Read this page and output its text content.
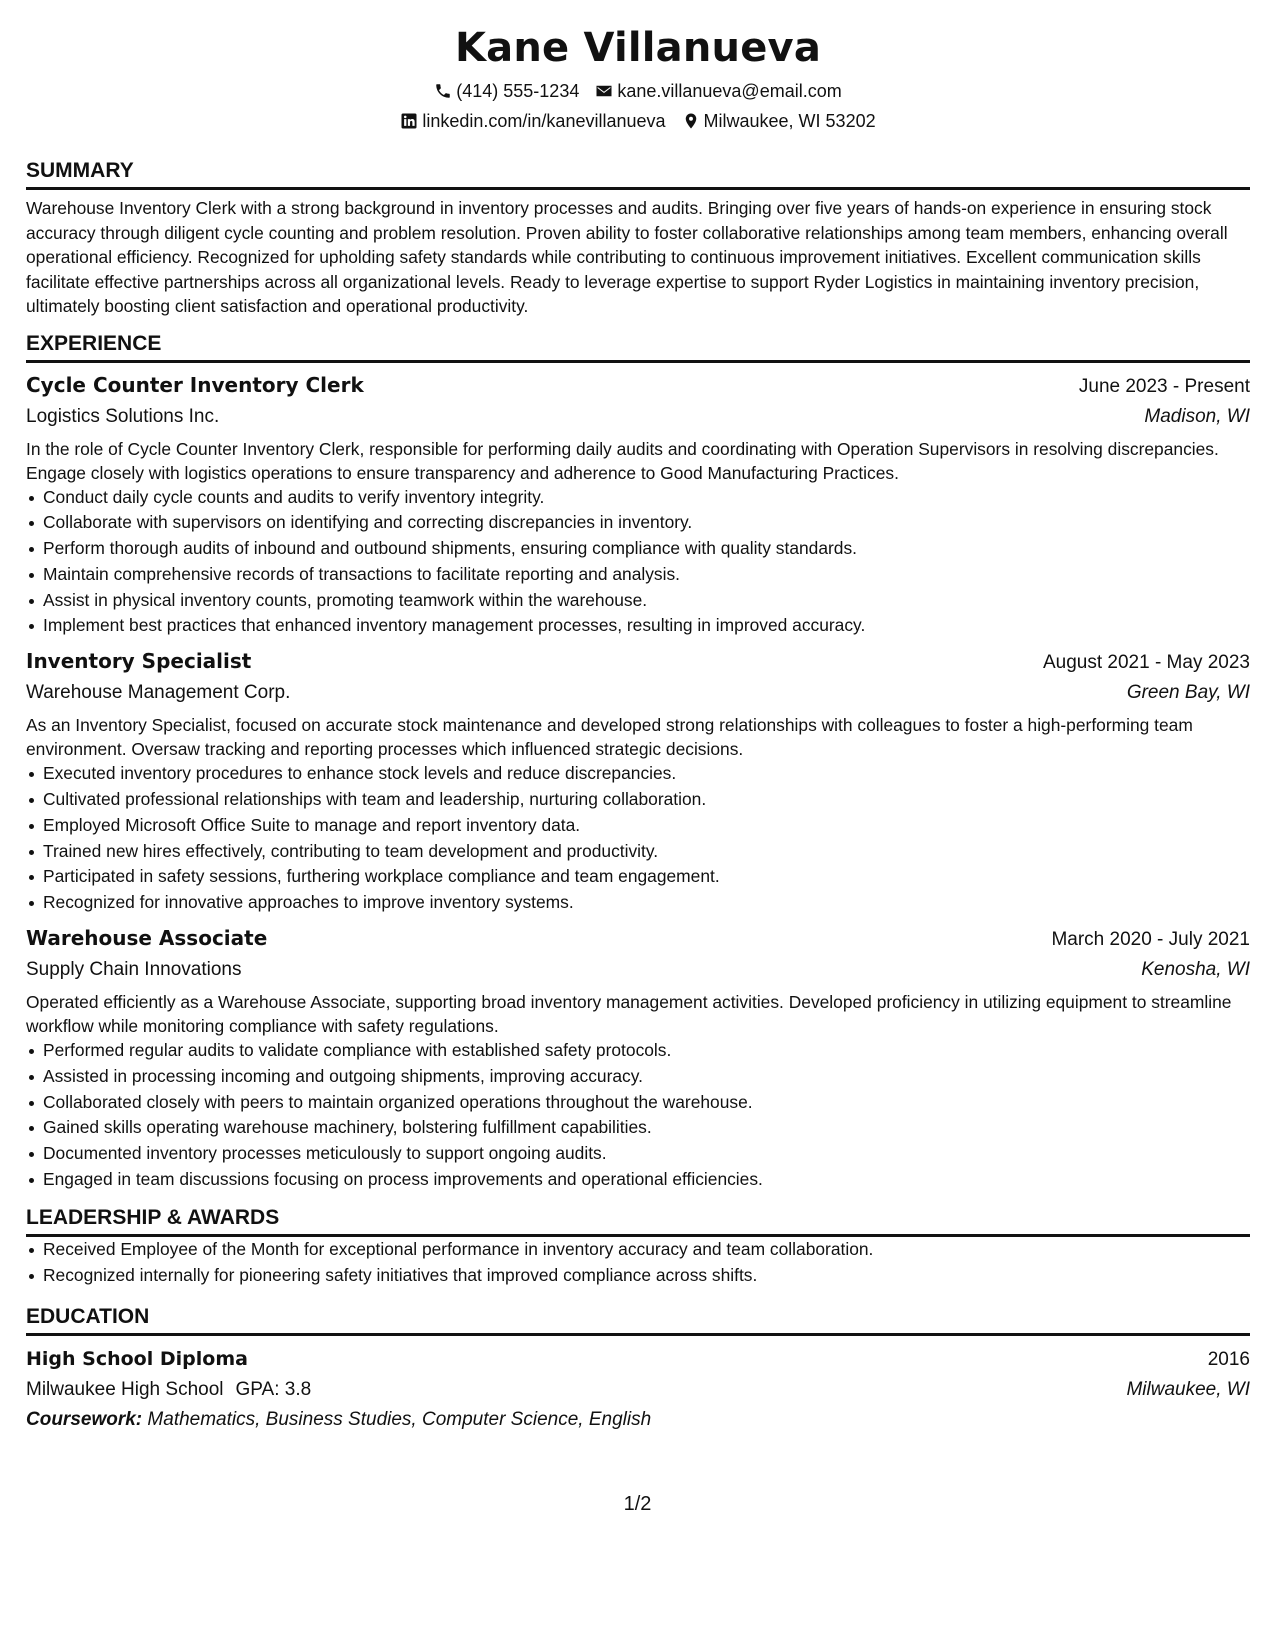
Kane Villanueva
(414) 555-1234 kane.villanueva@email.com
linkedin.com/in/kanevillanueva Milwaukee, WI 53202
SUMMARY
Warehouse Inventory Clerk with a strong background in inventory processes and audits. Bringing over five years of hands-on experience in ensuring stock accuracy through diligent cycle counting and problem resolution. Proven ability to foster collaborative relationships among team members, enhancing overall operational efficiency. Recognized for upholding safety standards while contributing to continuous improvement initiatives. Excellent communication skills facilitate effective partnerships across all organizational levels. Ready to leverage expertise to support Ryder Logistics in maintaining inventory precision, ultimately boosting client satisfaction and operational productivity.
EXPERIENCE
Cycle Counter Inventory Clerk	June 2023 - Present
Logistics Solutions Inc.	Madison, WI
In the role of Cycle Counter Inventory Clerk, responsible for performing daily audits and coordinating with Operation Supervisors in resolving discrepancies. Engage closely with logistics operations to ensure transparency and adherence to Good Manufacturing Practices.
Conduct daily cycle counts and audits to verify inventory integrity.
Collaborate with supervisors on identifying and correcting discrepancies in inventory.
Perform thorough audits of inbound and outbound shipments, ensuring compliance with quality standards.
Maintain comprehensive records of transactions to facilitate reporting and analysis.
Assist in physical inventory counts, promoting teamwork within the warehouse.
Implement best practices that enhanced inventory management processes, resulting in improved accuracy.
Inventory Specialist	August 2021 - May 2023
Warehouse Management Corp.	Green Bay, WI
As an Inventory Specialist, focused on accurate stock maintenance and developed strong relationships with colleagues to foster a high-performing team environment. Oversaw tracking and reporting processes which influenced strategic decisions.
Executed inventory procedures to enhance stock levels and reduce discrepancies.
Cultivated professional relationships with team and leadership, nurturing collaboration.
Employed Microsoft Office Suite to manage and report inventory data.
Trained new hires effectively, contributing to team development and productivity.
Participated in safety sessions, furthering workplace compliance and team engagement.
Recognized for innovative approaches to improve inventory systems.
Warehouse Associate	March 2020 - July 2021
Supply Chain Innovations	Kenosha, WI
Operated efficiently as a Warehouse Associate, supporting broad inventory management activities. Developed proficiency in utilizing equipment to streamline workflow while monitoring compliance with safety regulations.
Performed regular audits to validate compliance with established safety protocols.
Assisted in processing incoming and outgoing shipments, improving accuracy.
Collaborated closely with peers to maintain organized operations throughout the warehouse.
Gained skills operating warehouse machinery, bolstering fulfillment capabilities.
Documented inventory processes meticulously to support ongoing audits.
Engaged in team discussions focusing on process improvements and operational efficiencies.
LEADERSHIP & AWARDS
Received Employee of the Month for exceptional performance in inventory accuracy and team collaboration.
Recognized internally for pioneering safety initiatives that improved compliance across shifts.
EDUCATION
High School Diploma	2016
Milwaukee High School GPA: 3.8	Milwaukee, WI
Coursework: Mathematics, Business Studies, Computer Science, English
1/2
